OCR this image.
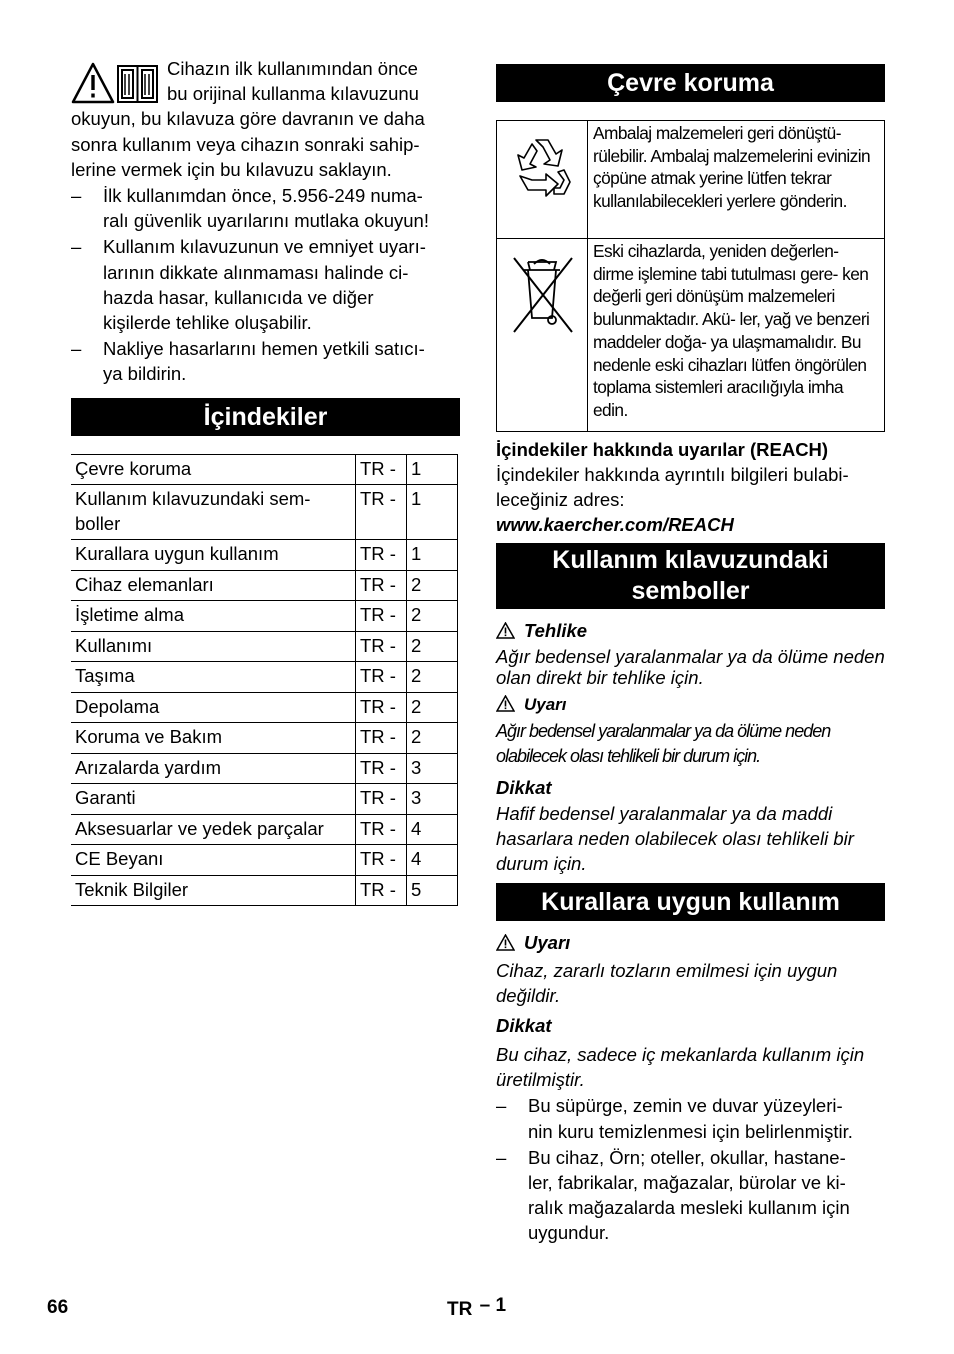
Cihazın ilk kullanımından önce

bu orijinal kullanma kılavuzunu

okuyun, bu kılavuza göre davranın ve daha

sonra kullanım veya cihazın sonraki sahip-

lerine vermek için bu kılavuzu saklayın.

– İlk kullanımdan önce, 5.956-249 numa-

ralı güvenlik uyarılarını mutlaka okuyun!

– Kullanım kılavuzunun ve emniyet uyarı-

larının dikkate alınmaması halinde ci-

hazda hasar, kullanıcıda ve diğer

kişilerde tehlike oluşabilir.

– Nakliye hasarlarını hemen yetkili satıcı-

ya bildirin.

İçindekiler
Çevre koruma	TR -	1
Kullanım kılavuzundaki sem- boller	TR -	1
Kurallara uygun kullanım	TR -	1
Cihaz elemanları	TR -	2
İşletime alma	TR -	2
Kullanımı	TR -	2
Taşıma	TR -	2
Depolama	TR -	2
Koruma ve Bakım	TR -	2
Arızalarda yardım	TR -	3
Garanti	TR -	3
Aksesuarlar ve yedek parçalar	TR -	4
CE Beyanı	TR -	4
Teknik Bilgiler	TR -	5
Çevre koruma
	Ambalaj malzemeleri geri dönüştü- rülebilir. Ambalaj malzemelerini evinizin çöpüne atmak yerine lütfen tekrar kullanılabilecekleri yerlere gönderin.
	Eski cihazlarda, yeniden değerlen- dirme işlemine tabi tutulması gere- ken değerli geri dönüşüm malzemeleri bulunmaktadır. Akü- ler, yağ ve benzeri maddeler doğa- ya ulaşmamalıdır. Bu nedenle eski cihazları lütfen öngörülen toplama sistemleri aracılığıyla imha edin.

İçindekiler hakkında uyarılar (REACH)

İçindekiler hakkında ayrıntılı bilgileri bulabi- leceğiniz adres:

www.kaercher.com/REACH

Kullanım kılavuzundaki semboller

Tehlike

Ağır bedensel yaralanmalar ya da ölüme neden olan direkt bir tehlike için.

Uyarı

Ağır bedensel yaralanmalar ya da ölüme neden olabilecek olası tehlikeli bir durum için.

Dikkat

Hafif bedensel yaralanmalar ya da maddi hasarlara neden olabilecek olası tehlikeli bir durum için.

Kurallara uygun kullanım

Uyarı

Cihaz, zararlı tozların emilmesi için uygun değildir.

Dikkat

Bu cihaz, sadece iç mekanlarda kullanım için üretilmiştir.

– Bu süpürge, zemin ve duvar yüzeyleri-

nin kuru temizlenmesi için belirlenmiştir.

– Bu cihaz, Örn; oteller, okullar, hastane-

ler, fabrikalar, mağazalar, bürolar ve ki-

ralık mağazalarda mesleki kullanım için

uygundur.

66	TR – 1
